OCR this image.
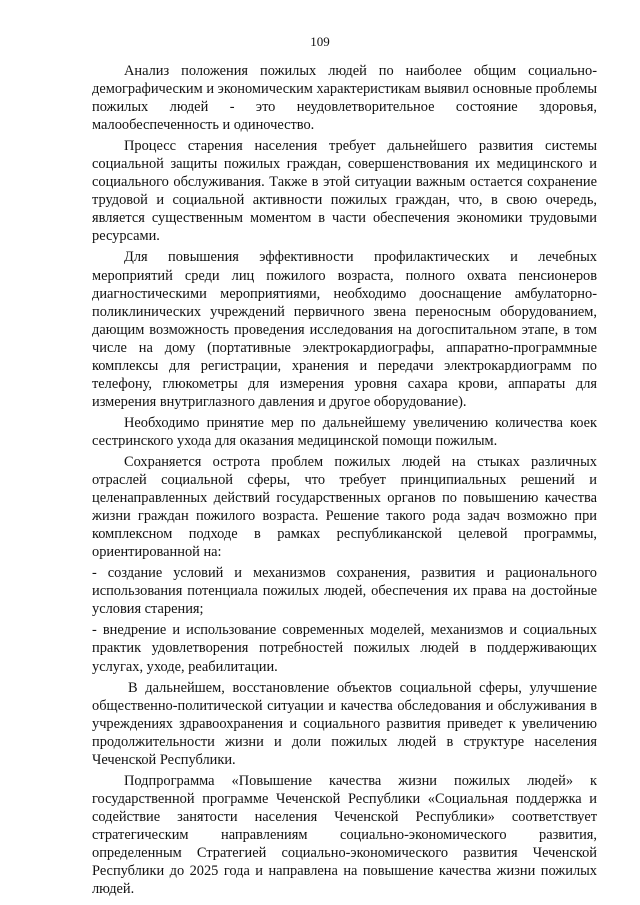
109

Анализ положения пожилых людей по наиболее общим социально-демографическим и экономическим характеристикам выявил основные проблемы пожилых людей - это неудовлетворительное состояние здоровья, малообеспеченность и одиночество.

Процесс старения населения требует дальнейшего развития системы социальной защиты пожилых граждан, совершенствования их медицинского и социального обслуживания. Также в этой ситуации важным остается сохранение трудовой и социальной активности пожилых граждан, что, в свою очередь, является существенным моментом в части обеспечения экономики трудовыми ресурсами.

Для повышения эффективности профилактических и лечебных мероприятий среди лиц пожилого возраста, полного охвата пенсионеров диагностическими мероприятиями, необходимо дооснащение амбулаторно-поликлинических учреждений первичного звена переносным оборудованием, дающим возможность проведения исследования на догоспитальном этапе, в том числе на дому (портативные электрокардиографы, аппаратно-программные комплексы для регистрации, хранения и передачи электрокардиограмм по телефону, глюкометры для измерения уровня сахара крови, аппараты для измерения внутриглазного давления и другое оборудование).

Необходимо принятие мер по дальнейшему увеличению количества коек сестринского ухода для оказания медицинской помощи пожилым.

Сохраняется острота проблем пожилых людей на стыках различных отраслей социальной сферы, что требует принципиальных решений и целенаправленных действий государственных органов по повышению качества жизни граждан пожилого возраста. Решение такого рода задач возможно при комплексном подходе в рамках республиканской целевой программы, ориентированной на:

- создание условий и механизмов сохранения, развития и рационального использования потенциала пожилых людей, обеспечения их права на достойные условия старения;

- внедрение и использование современных моделей, механизмов и социальных практик удовлетворения потребностей пожилых людей в поддерживающих услугах, уходе, реабилитации.

В дальнейшем, восстановление объектов социальной сферы, улучшение общественно-политической ситуации и качества обследования и обслуживания в учреждениях здравоохранения и социального развития приведет к увеличению продолжительности жизни и доли пожилых людей в структуре населения Чеченской Республики.

Подпрограмма «Повышение качества жизни пожилых людей» к государственной программе Чеченской Республики «Социальная поддержка и содействие занятости населения Чеченской Республики» соответствует стратегическим направлениям социально-экономического развития, определенным Стратегией социально-экономического развития Чеченской Республики до 2025 года и направлена на повышение качества жизни пожилых людей.
